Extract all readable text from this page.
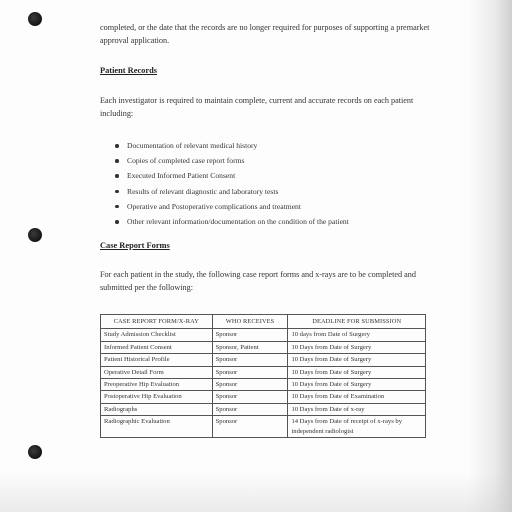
completed, or the date that the records are no longer required for purposes of supporting a premarket approval application.
Patient Records
Each investigator is required to maintain complete, current and accurate records on each patient including:
Documentation of relevant medical history
Copies of completed case report forms
Executed Informed Patient Consent
Results of relevant diagnostic and laboratory tests
Operative and Postoperative complications and treatment
Other relevant information/documentation on the condition of the patient
Case Report Forms
For each patient in the study, the following case report forms and x-rays are to be completed and submitted per the following:
CASE REPORT FORM/X-RAY	WHO RECEIVES	DEADLINE FOR SUBMISSION
Study Admission Checklist	Sponsor	10 days from Date of Surgery
Informed Patient Consent	Sponsor, Patient	10 Days from Date of Surgery
Patient Historical Profile	Sponsor	10 Days from Date of Surgery
Operative Detail Form	Sponsor	10 Days from Date of Surgery
Preoperative Hip Evaluation	Sponsor	10 Days from Date of Surgery
Postoperative Hip Evaluation	Sponsor	10 Days from Date of Examination
Radiographs	Sponsor	10 Days from Date of x-ray
Radiographic Evaluation	Sponsor	14 Days from Date of receipt of x-rays by independent radiologist
